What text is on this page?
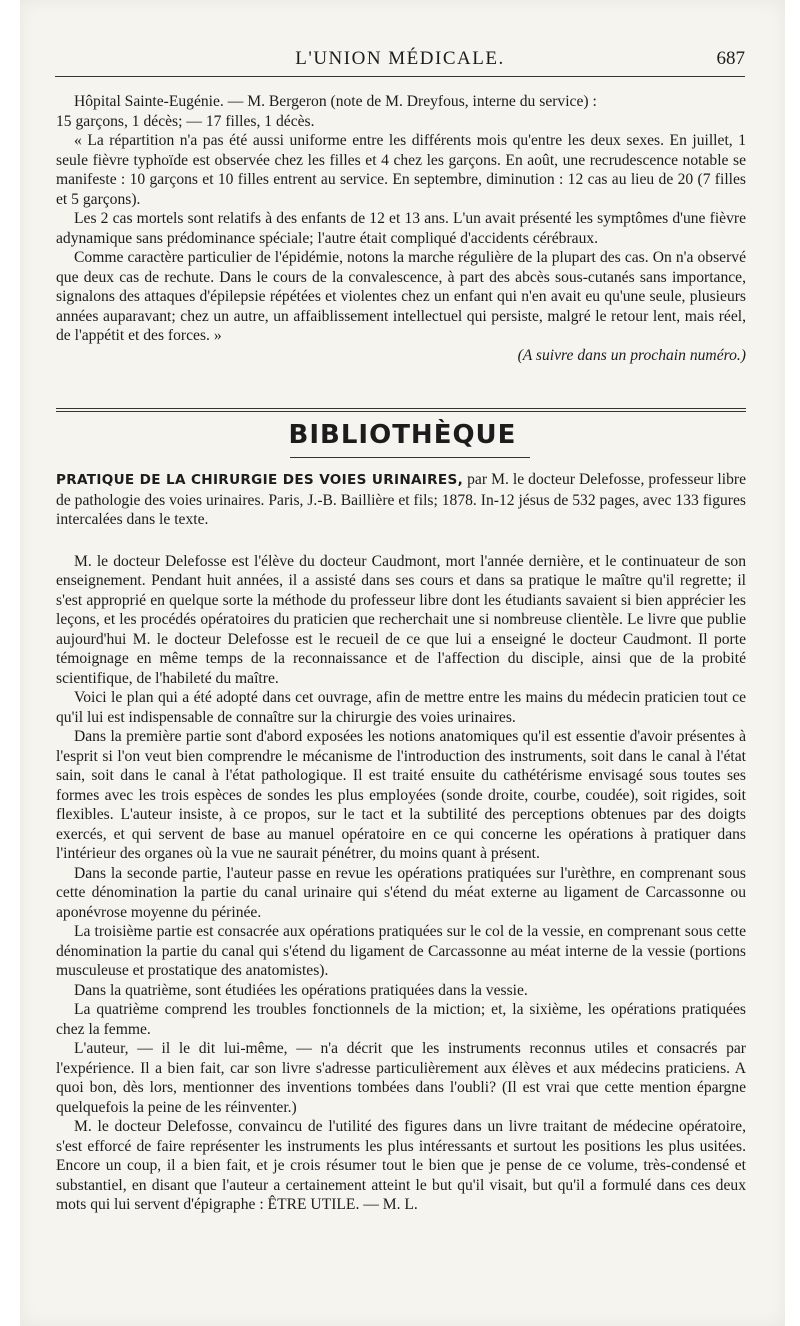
L'UNION MÉDICALE.	687

Hôpital Sainte-Eugénie. — M. Bergeron (note de M. Dreyfous, interne du service) :

15 garçons, 1 décès; — 17 filles, 1 décès.

« La répartition n'a pas été aussi uniforme entre les différents mois qu'entre les deux sexes. En juillet, 1 seule fièvre typhoïde est observée chez les filles et 4 chez les garçons. En août, une recrudescence notable se manifeste : 10 garçons et 10 filles entrent au service. En septembre, diminution : 12 cas au lieu de 20 (7 filles et 5 garçons).

Les 2 cas mortels sont relatifs à des enfants de 12 et 13 ans. L'un avait présenté les symptômes d'une fièvre adynamique sans prédominance spéciale; l'autre était compliqué d'accidents cérébraux.

Comme caractère particulier de l'épidémie, notons la marche régulière de la plupart des cas. On n'a observé que deux cas de rechute. Dans le cours de la convalescence, à part des abcès sous-cutanés sans importance, signalons des attaques d'épilepsie répétées et violentes chez un enfant qui n'en avait eu qu'une seule, plusieurs années auparavant; chez un autre, un affaiblissement intellectuel qui persiste, malgré le retour lent, mais réel, de l'appétit et des forces. »

(A suivre dans un prochain numéro.)

BIBLIOTHÈQUE

PRATIQUE DE LA CHIRURGIE DES VOIES URINAIRES, par M. le docteur Delefosse, professeur libre de pathologie des voies urinaires. Paris, J.-B. Baillière et fils; 1878. In-12 jésus de 532 pages, avec 133 figures intercalées dans le texte.

M. le docteur Delefosse est l'élève du docteur Caudmont, mort l'année dernière, et le continuateur de son enseignement. Pendant huit années, il a assisté dans ses cours et dans sa pratique le maître qu'il regrette; il s'est approprié en quelque sorte la méthode du professeur libre dont les étudiants savaient si bien apprécier les leçons, et les procédés opératoires du praticien que recherchait une si nombreuse clientèle. Le livre que publie aujourd'hui M. le docteur Delefosse est le recueil de ce que lui a enseigné le docteur Caudmont. Il porte témoignage en même temps de la reconnaissance et de l'affection du disciple, ainsi que de la probité scientifique, de l'habileté du maître.

Voici le plan qui a été adopté dans cet ouvrage, afin de mettre entre les mains du médecin praticien tout ce qu'il lui est indispensable de connaître sur la chirurgie des voies urinaires.

Dans la première partie sont d'abord exposées les notions anatomiques qu'il est essentie d'avoir présentes à l'esprit si l'on veut bien comprendre le mécanisme de l'introduction des instruments, soit dans le canal à l'état sain, soit dans le canal à l'état pathologique. Il est traité ensuite du cathétérisme envisagé sous toutes ses formes avec les trois espèces de sondes les plus employées (sonde droite, courbe, coudée), soit rigides, soit flexibles. L'auteur insiste, à ce propos, sur le tact et la subtilité des perceptions obtenues par des doigts exercés, et qui servent de base au manuel opératoire en ce qui concerne les opérations à pratiquer dans l'intérieur des organes où la vue ne saurait pénétrer, du moins quant à présent.

Dans la seconde partie, l'auteur passe en revue les opérations pratiquées sur l'urèthre, en comprenant sous cette dénomination la partie du canal urinaire qui s'étend du méat externe au ligament de Carcassonne ou aponévrose moyenne du périnée.

La troisième partie est consacrée aux opérations pratiquées sur le col de la vessie, en comprenant sous cette dénomination la partie du canal qui s'étend du ligament de Carcassonne au méat interne de la vessie (portions musculeuse et prostatique des anatomistes).

Dans la quatrième, sont étudiées les opérations pratiquées dans la vessie.

La quatrième comprend les troubles fonctionnels de la miction; et, la sixième, les opérations pratiquées chez la femme.

L'auteur, — il le dit lui-même, — n'a décrit que les instruments reconnus utiles et consacrés par l'expérience. Il a bien fait, car son livre s'adresse particulièrement aux élèves et aux médecins praticiens. A quoi bon, dès lors, mentionner des inventions tombées dans l'oubli? (Il est vrai que cette mention épargne quelquefois la peine de les réinventer.)

M. le docteur Delefosse, convaincu de l'utilité des figures dans un livre traitant de médecine opératoire, s'est efforcé de faire représenter les instruments les plus intéressants et surtout les positions les plus usitées. Encore un coup, il a bien fait, et je crois résumer tout le bien que je pense de ce volume, très-condensé et substantiel, en disant que l'auteur a certainement atteint le but qu'il visait, but qu'il a formulé dans ces deux mots qui lui servent d'épigraphe : ÊTRE UTILE. — M. L.
